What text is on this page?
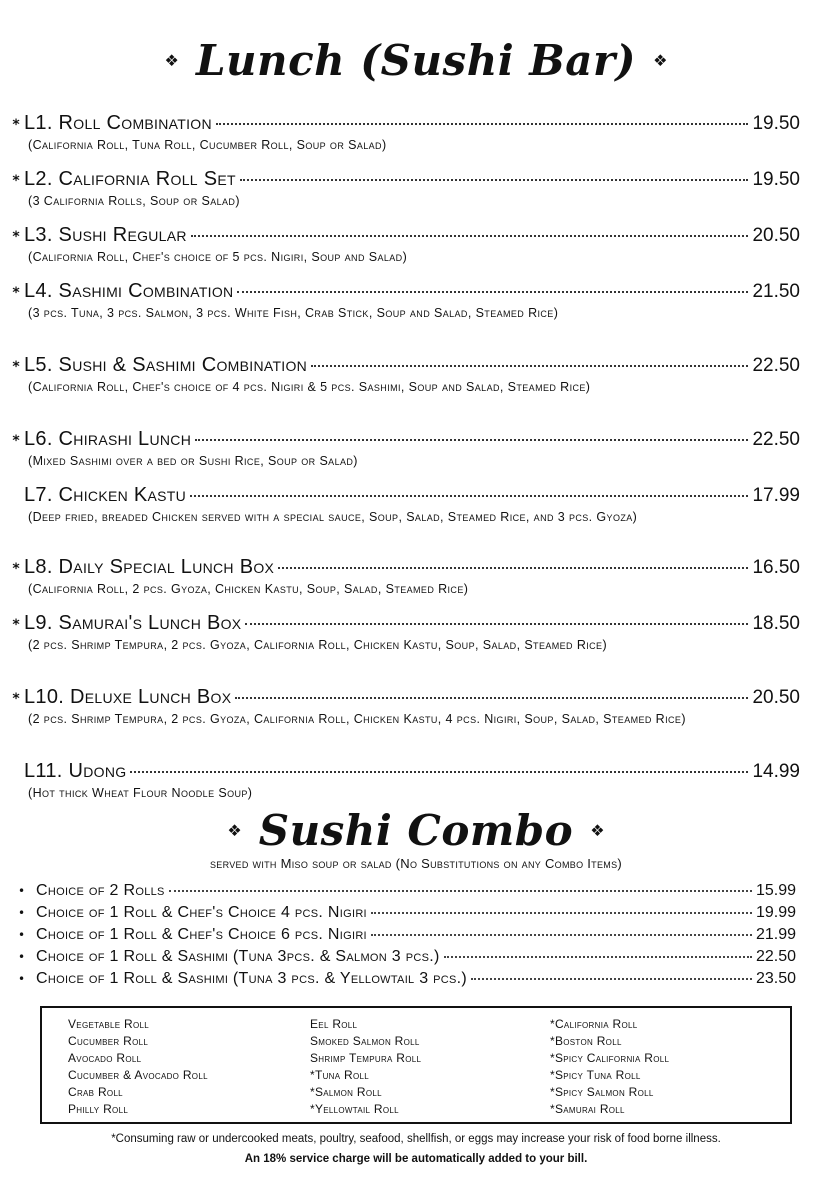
❖ Lunch (Sushi Bar) ❖
* L1. Roll Combination	19.50
(California Roll, Tuna Roll, Cucumber Roll, Soup or Salad)
* L2. California Roll Set	19.50
(3 California Rolls, Soup or Salad)
* L3. Sushi Regular	20.50
(California Roll, Chef's choice of 5 pcs. Nigiri, Soup and Salad)
* L4. Sashimi Combination	21.50
(3 pcs. Tuna, 3 pcs. Salmon, 3 pcs. White Fish, Crab Stick, Soup and Salad, Steamed Rice)
* L5. Sushi & Sashimi Combination	22.50
(California Roll, Chef's choice of 4 pcs. Nigiri & 5 pcs. Sashimi, Soup and Salad, Steamed Rice)
* L6. Chirashi Lunch	22.50
(Mixed Sashimi over a bed or Sushi Rice, Soup or Salad)
L7. Chicken Kastu	17.99
(Deep fried, breaded Chicken served with a special sauce, Soup, Salad, Steamed Rice, and 3 pcs. Gyoza)
* L8. Daily Special Lunch Box	16.50
(California Roll, 2 pcs. Gyoza, Chicken Kastu, Soup, Salad, Steamed Rice)
* L9. Samurai's Lunch Box	18.50
(2 pcs. Shrimp Tempura, 2 pcs. Gyoza, California Roll, Chicken Kastu, Soup, Salad, Steamed Rice)
* L10. Deluxe Lunch Box	20.50
(2 pcs. Shrimp Tempura, 2 pcs. Gyoza, California Roll, Chicken Kastu, 4 pcs. Nigiri, Soup, Salad, Steamed Rice)
L11. Udong	14.99
(Hot thick Wheat Flour Noodle Soup)
❖ Sushi Combo ❖
served with Miso soup or salad (No Substitutions on any Combo Items)
• Choice of 2 Rolls	15.99
• Choice of 1 Roll & Chef's Choice 4 pcs. Nigiri	19.99
• Choice of 1 Roll & Chef's Choice 6 pcs. Nigiri	21.99
• Choice of 1 Roll & Sashimi (Tuna 3pcs. & Salmon 3 pcs.)	22.50
• Choice of 1 Roll & Sashimi (Tuna 3 pcs. & Yellowtail 3 pcs.)	23.50
Vegetable Roll
Cucumber Roll
Avocado Roll
Cucumber & Avocado Roll
Crab Roll
Philly Roll
Eel Roll
Smoked Salmon Roll
Shrimp Tempura Roll
*Tuna Roll
*Salmon Roll
*Yellowtail Roll
*California Roll
*Boston Roll
*Spicy California Roll
*Spicy Tuna Roll
*Spicy Salmon Roll
*Samurai Roll
*Consuming raw or undercooked meats, poultry, seafood, shellfish, or eggs may increase your risk of food borne illness.
An 18% service charge will be automatically added to your bill.
